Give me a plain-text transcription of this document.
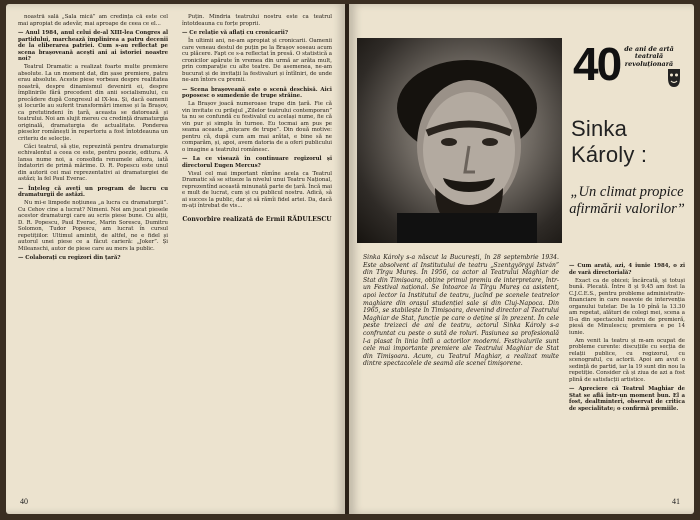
noastră sală „Sala mică” am credința că este cel mai apropiat de adevăr, mai aproape de ceea ce el...

— Anul 1984, anul celui de-al XIII-lea Congres al partidului, marchează împlinirea a patru decenii de la eliberarea patriei. Cum s-au reflectat pe scena brașoveană acești ani ai istoriei noastre noi?

Teatrul Dramatic a realizat foarte multe premiere absolute. La un moment dat, din șase premiere, patru erau absolute. Aceste piese vorbeau despre realitatea noastră, despre dinamismul devenirii ei, despre împlinirile fără precedent din anii socialismului, cu precădere după Congresul al IX-lea. Și, dacă oamenii și locurile au suferit transformări imense și la Brașov, ca pretutindeni în țară, aceasta se datorează și teatrului. Noi am slujit mereu cu credință dramaturgia originală, dramaturgia de actualitate. Ponderea pieselor românești în repertoriu a fost întotdeauna un criteriu de selecție.

Căci teatrul, să știe, reprezintă pentru dramaturgie echivalentul a ceea ce este, pentru poezie, editura. A lansa nume noi, a consolida renumele altora, iată îndatoriri de primă mărime. D. R. Popescu este unul din autorii cei mai reprezentativi ai dramaturgiei de astăzi; la fel Paul Everac.

— Înțeleg că aveți un program de lucru cu dramaturgii de astăzi.

Nu mi-e limpede noțiunea „a lucra cu dramaturgii”. Cu Cehov cine a lucrat? Nimeni. Noi am jucat piesele acestor dramaturgi care au scris piese bune. Cu alții, D. R. Popescu, Paul Everac, Marin Sorescu, Dumitru Solomon, Tudor Popescu, am lucrat în cursul repetițiilor. Ultimul amintit, de altfel, ne e fidel și autorul unei piese ce a făcut carieră: „Joker”. Și Mileanschi, autor de piese care au mers la public.

— Colaborați cu regizori din țară?

Puțin. Mîndria teatrului nostru este ca teatrul întotdeauna cu forțe proprii.

— Ce relație vă aflați cu cronicarii?

În ultimii ani, ne-am apropiat și cronicarii. Oamenii care veneau destul de puțin pe la Brașov soseau acum cu plăcere. Fapt ce s-a reflectat în presă. O statistică a cronicilor apărute în vremea din urmă ar arăta mult, prin comparație cu alte teatre. De asemenea, ne-am bucurat și de invitații la festivaluri și întîlniri, de unde ne-am întors cu premii.

— Scena brașoveană este o scenă deschisă. Aici poposesc o sumedenie de trupe străine.

La Brașov joacă numeroase trupe din țară. Fie că vin invitate cu prilejul „Zilelor teatrului contemporan” ta nu se confundă cu festivalul cu același nume, fie că vin pur și simplu în turnee. Eu tocmai am pus pe seama aceasta „mișcare de trupe”. Din două motive: pentru că, după cum am mai arătat, e bine să ne comparăm, și, apoi, avem datoria de a oferi publicului o imagine a teatrului românesc.

— La ce visează în continuare regizorul și directorul Eugen Mercus?

Visul cel mai important rămîne acela ca Teatrul Dramatic să se situeze la nivelul unui Teatru Național, reprezentînd această minunată parte de țară. Încă mai e mult de lucrat, cum și cu publicul nostru. Adică, să ai succes la public, dar și să rămîi fidel artei. Da, dacă m-ați întrebat de vis...

Convorbire realizată de Ermil RĂDULESCU

40
40 de ani de artă teatrală revoluționară
Sinka Károly :
„Un climat propice afirmării valorilor”
Sinka Károly s-a născut la București, în 28 septembrie 1934. Este absolvent al Institutului de teatru „Szentgyörgyi István” din Tîrgu Mureș. În 1956, ca actor al Teatrului Maghiar de Stat din Timișoara, obține primul premiu de interpretare, într-un Festival național. Se întoarce la Tîrgu Mureș ca asistent, apoi lector la Institutul de teatru, jucînd pe scenele teatrelor maghiare din orașul studenției sale și din Cluj-Napoca. Din 1965, se stabilește în Timișoara, devenind director al Teatrului Maghiar de Stat, funcție pe care o deține și în prezent. În cele peste treizeci de ani de teatru, actorul Sinka Károly s-a confruntat cu peste o sută de roluri. Pasiunea sa profesională l-a plasat în linia întîi a actorilor moderni. Festivalurile sunt cele mai importante premiere ale Teatrului Maghiar de Stat din Timișoara. Acum, cu Teatrul Maghiar, a realizat multe dintre spectacolele de seamă ale scenei timișorene.

— Cum arată, azi, 4 iunie 1984, o zi de vară directorială?

Exact ca de obicei; încărcată, și totuși bună. Plecată. Între 8 și 9.45 am fost la C.J.C.E.S., pentru probleme administrativ-financiare în care neavoie de intervenția organului tutelar. De la 10 pînă la 13.30 am repetat, alături de colegi mei, scena a II-a din spectacolul nostru de premieră, piesă de Minulescu; premiera e pe 14 iunie.

Am venit la teatru și m-am ocupat de probleme curente: discuțiile cu secția de relații publice, cu regizorul, cu scenograful, cu actorii. Apoi am avut o sedință de partid, iar la 19 sunt din nou la repetiție. Consider că și ziua de azi a fost plină de satisfacții artistice.

— Apreciere că Teatrul Maghiar de Stat se află într-un moment bun. El a fost, dealtminteri, observat de critica de specialitate; o confirmă premiile.

41
